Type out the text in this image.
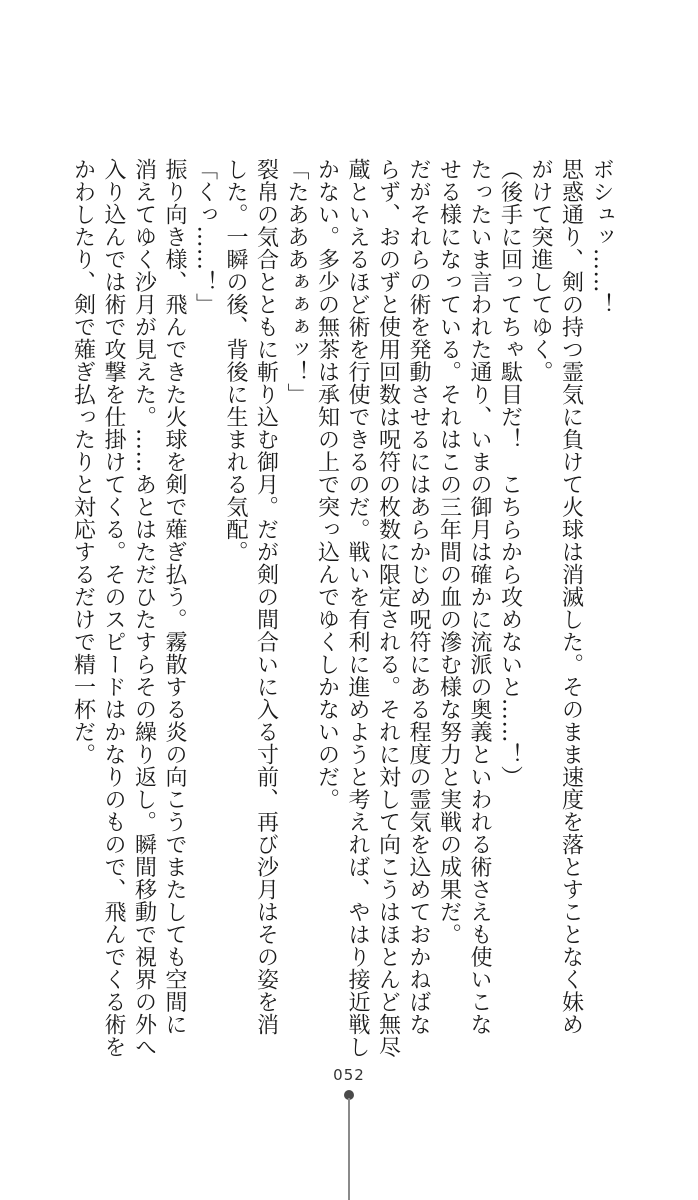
ボシュッ……！
思惑通り、剣の持つ霊気に負けて火球は消滅した。そのまま速度を落とすことなく妹め
がけて突進してゆく。
（後手に回ってちゃ駄目だ！　こちらから攻めないと……！）
たったいま言われた通り、いまの御月は確かに流派の奥義といわれる術さえも使いこな
せる様になっている。それはこの三年間の血の滲む様な努力と実戦の成果だ。
だがそれらの術を発動させるにはあらかじめ呪符にある程度の霊気を込めておかねばな
らず、おのずと使用回数は呪符の枚数に限定される。それに対して向こうはほとんど無尽
蔵といえるほど術を行使できるのだ。戦いを有利に進めようと考えれば、やはり接近戦し
かない。多少の無茶は承知の上で突っ込んでゆくしかないのだ。
「たあああぁぁぁッ！」
裂帛の気合とともに斬り込む御月。だが剣の間合いに入る寸前、再び沙月はその姿を消
した。一瞬の後、背後に生まれる気配。
「くっ……！」
振り向き様、飛んできた火球を剣で薙ぎ払う。霧散する炎の向こうでまたしても空間に
消えてゆく沙月が見えた。……あとはただひたすらその繰り返し。瞬間移動で視界の外へ
入り込んでは術で攻撃を仕掛けてくる。そのスピードはかなりのもので、飛んでくる術を
かわしたり、剣で薙ぎ払ったりと対応するだけで精一杯だ。
052
